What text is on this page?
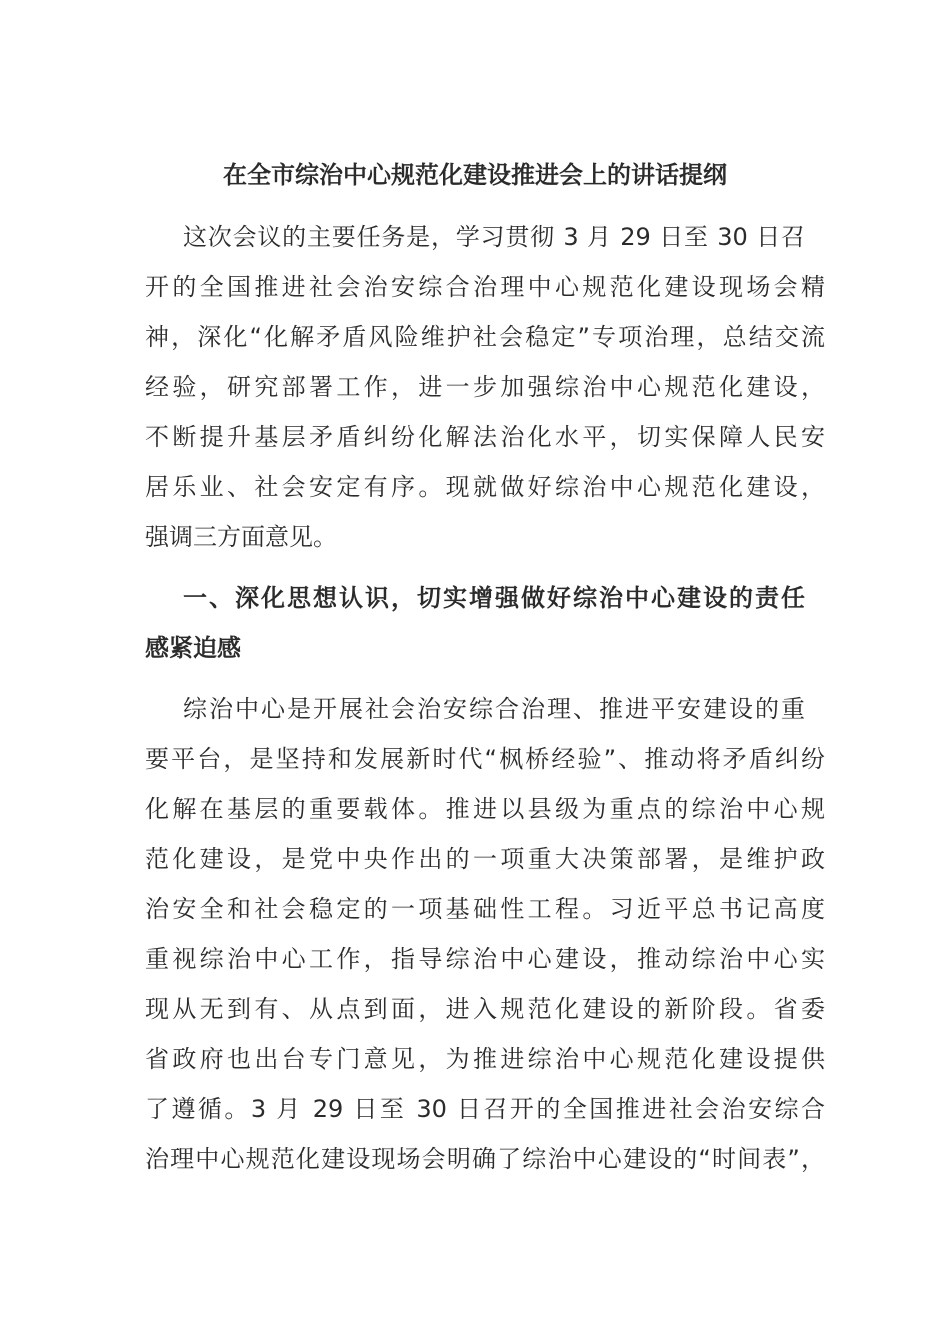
在全市综治中心规范化建设推进会上的讲话提纲
这次会议的主要任务是，学习贯彻 3 月 29 日至 30 日召
开的全国推进社会治安综合治理中心规范化建设现场会精
神，深化“化解矛盾风险维护社会稳定”专项治理，总结交流
经验，研究部署工作，进一步加强综治中心规范化建设，
不断提升基层矛盾纠纷化解法治化水平，切实保障人民安
居乐业、社会安定有序。现就做好综治中心规范化建设，
强调三方面意见。
一、深化思想认识，切实增强做好综治中心建设的责任
感紧迫感
综治中心是开展社会治安综合治理、推进平安建设的重
要平台，是坚持和发展新时代“枫桥经验”、推动将矛盾纠纷
化解在基层的重要载体。推进以县级为重点的综治中心规
范化建设，是党中央作出的一项重大决策部署，是维护政
治安全和社会稳定的一项基础性工程。习近平总书记高度
重视综治中心工作，指导综治中心建设，推动综治中心实
现从无到有、从点到面，进入规范化建设的新阶段。省委
省政府也出台专门意见，为推进综治中心规范化建设提供
了遵循。3 月 29 日至 30 日召开的全国推进社会治安综合
治理中心规范化建设现场会明确了综治中心建设的“时间表”，
